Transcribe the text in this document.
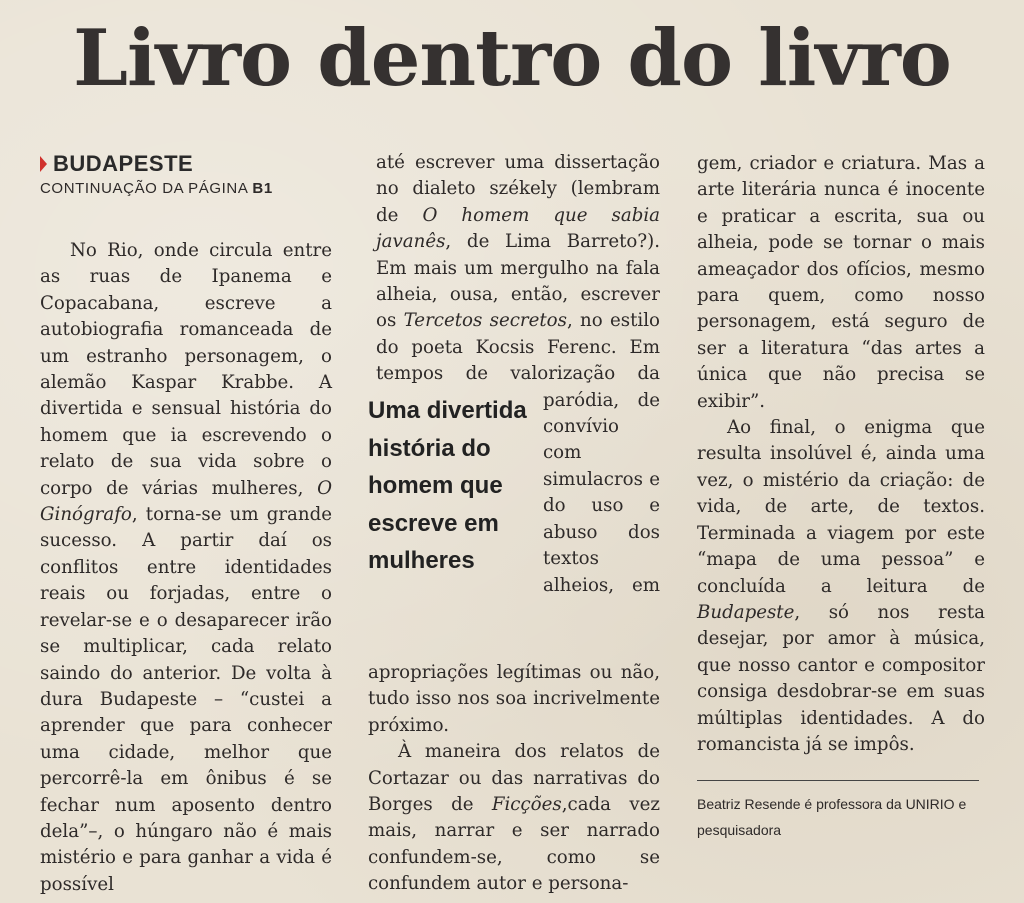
Livro dentro do livro
BUDAPESTE
CONTINUAÇÃO DA PÁGINA B1

No Rio, onde circula entre as ruas de Ipanema e Copacabana, escreve a autobiografia romanceada de um estranho personagem, o alemão Kaspar Krabbe. A divertida e sensual história do homem que ia escrevendo o relato de sua vida sobre o corpo de várias mulheres, O Ginógrafo, torna-se um grande sucesso. A partir daí os conflitos entre identidades reais ou forjadas, entre o revelar-se e o desaparecer irão se multiplicar, cada relato saindo do anterior. De volta à dura Budapeste – “custei a aprender que para conhecer uma cidade, melhor que percorrê-la em ônibus é se fechar num aposento dentro dela”–, o húngaro não é mais mistério e para ganhar a vida é possível

até escrever uma dissertação no dialeto székely (lembram de O homem que sabia javanês, de Lima Barreto?). Em mais um mergulho na fala alheia, ousa, então, escrever os Tercetos secretos, no estilo do poeta Kocsis Ferenc. Em tempos de valorização da paródia, de convívio com simulacros e do uso e abuso dos textos alheios, em apropriações legítimas ou não, tudo isso nos soa incrivelmente próximo.

À maneira dos relatos de Cortazar ou das narrativas do Borges de Ficções,cada vez mais, narrar e ser narrado confundem-se, como se confundem autor e persona-

Uma divertida história do homem que escreve em mulheres

gem, criador e criatura. Mas a arte literária nunca é inocente e praticar a escrita, sua ou alheia, pode se tornar o mais ameaçador dos ofícios, mesmo para quem, como nosso personagem, está seguro de ser a literatura “das artes a única que não precisa se exibir”.

Ao final, o enigma que resulta insolúvel é, ainda uma vez, o mistério da criação: de vida, de arte, de textos. Terminada a viagem por este “mapa de uma pessoa” e concluída a leitura de Budapeste, só nos resta desejar, por amor à música, que nosso cantor e compositor consiga desdobrar-se em suas múltiplas identidades. A do romancista já se impôs.

Beatriz Resende é professora da UNIRIO e pesquisadora
